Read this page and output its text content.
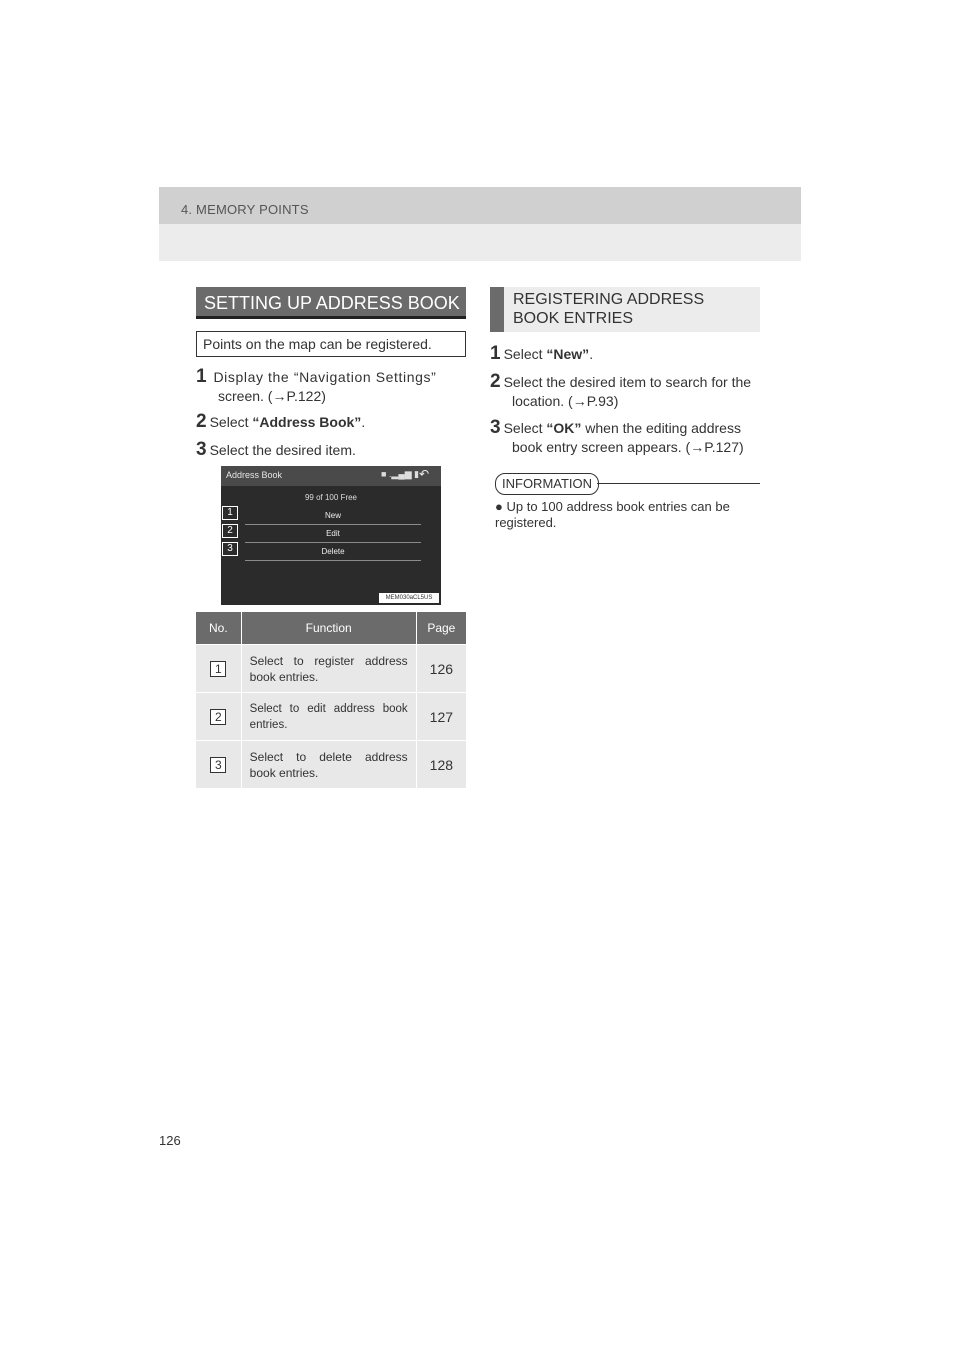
4. MEMORY POINTS
SETTING UP ADDRESS BOOK
Points on the map can be registered.
1 Display the “Navigation Settings”
screen. (→P.122)
2 Select “Address Book”.
3 Select the desired item.
Address Book	■ .▂▄▆ ▮ ↶
99 of 100 Free
New
Edit
Delete
1
2
3
MEM030aCL5US
No.	Function	Page
1	Select to register address book entries.	126
2	Select to edit address book entries.	127
3	Select to delete address book entries.	128
REGISTERING ADDRESS
BOOK ENTRIES
1 Select “New”.
2 Select the desired item to search for the
location. (→P.93)
3 Select “OK” when the editing address
book entry screen appears. (→P.127)
INFORMATION
● Up to 100 address book entries can be registered.
126
